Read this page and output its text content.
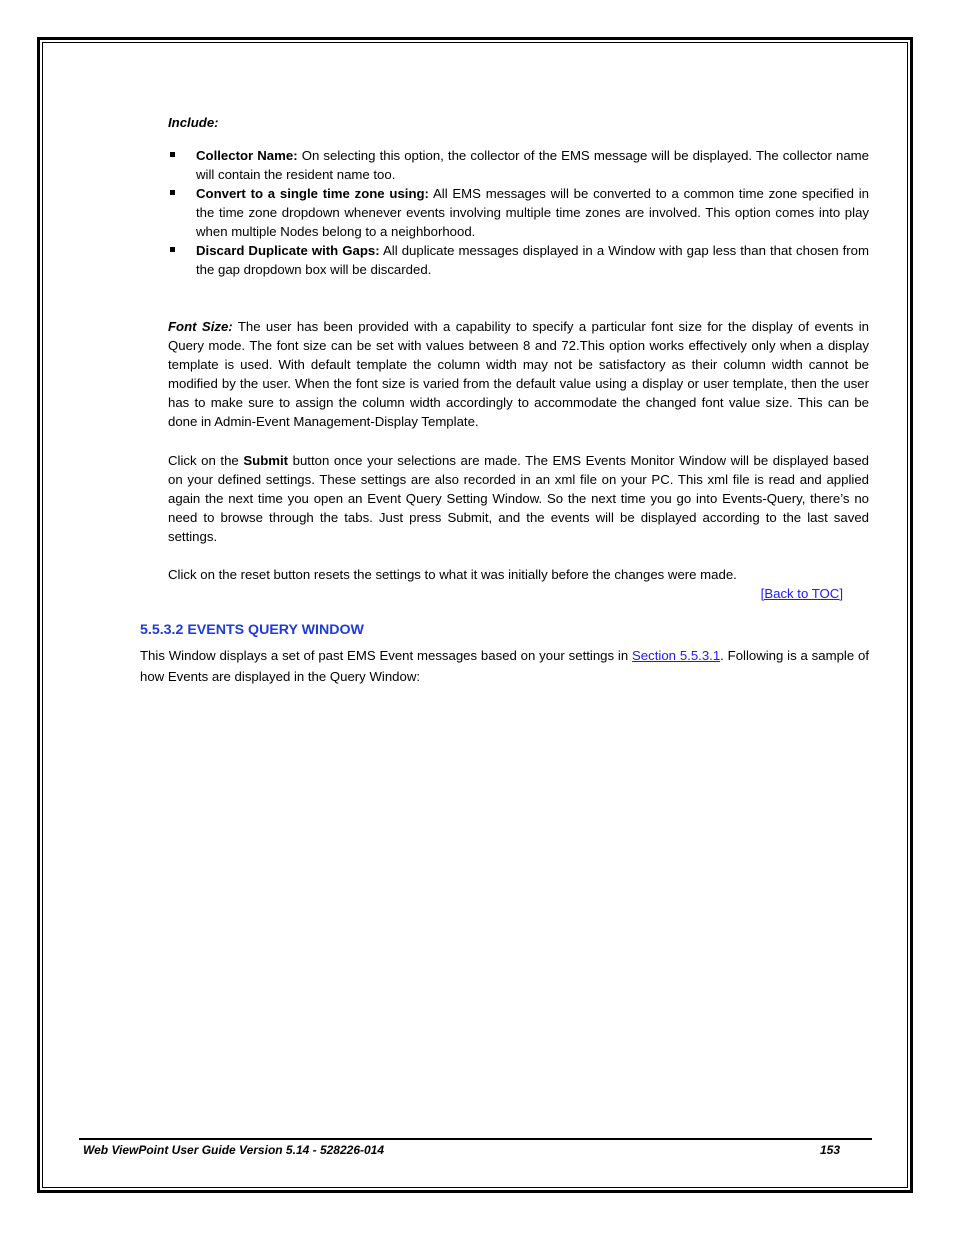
Include:

Collector Name: On selecting this option, the collector of the EMS message will be displayed. The collector name will contain the resident name too.
Convert to a single time zone using: All EMS messages will be converted to a common time zone specified in the time zone dropdown whenever events involving multiple time zones are involved. This option comes into play when multiple Nodes belong to a neighborhood.
Discard Duplicate with Gaps: All duplicate messages displayed in a Window with gap less than that chosen from the gap dropdown box will be discarded.

Font Size: The user has been provided with a capability to specify a particular font size for the display of events in Query mode. The font size can be set with values between 8 and 72.This option works effectively only when a display template is used. With default template the column width may not be satisfactory as their column width cannot be modified by the user. When the font size is varied from the default value using a display or user template, then the user has to make sure to assign the column width accordingly to accommodate the changed font value size. This can be done in Admin-Event Management-Display Template.

Click on the Submit button once your selections are made. The EMS Events Monitor Window will be displayed based on your defined settings. These settings are also recorded in an xml file on your PC. This xml file is read and applied again the next time you open an Event Query Setting Window. So the next time you go into Events-Query, there’s no need to browse through the tabs. Just press Submit, and the events will be displayed according to the last saved settings.

Click on the reset button resets the settings to what it was initially before the changes were made.

[Back to TOC]
5.5.3.2 EVENTS QUERY WINDOW

This Window displays a set of past EMS Event messages based on your settings in Section 5.5.3.1. Following is a sample of how Events are displayed in the Query Window:

Web ViewPoint User Guide Version 5.14 - 528226-014	153
